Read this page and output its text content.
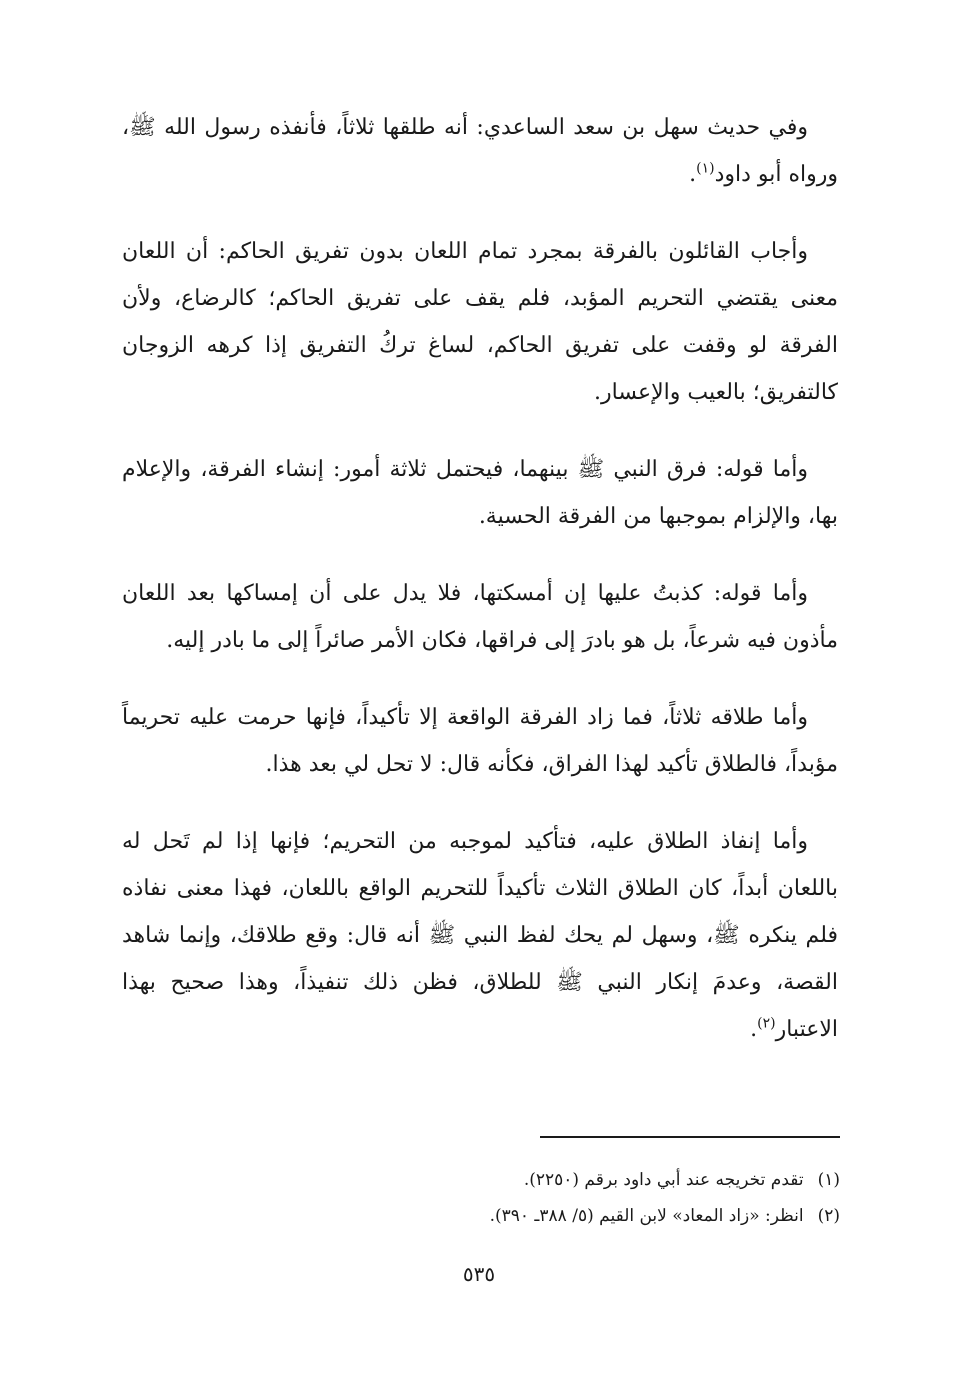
وفي حديث سهل بن سعد الساعدي: أنه طلقها ثلاثاً، فأنفذه رسول الله ﷺ، ورواه أبو داود$^{(١)}$.

وأجاب القائلون بالفرقة بمجرد تمام اللعان بدون تفريق الحاكم: أن اللعان معنى يقتضي التحريم المؤبد، فلم يقف على تفريق الحاكم؛ كالرضاع، ولأن الفرقة لو وقفت على تفريق الحاكم، لساغ تركُ التفريق إذا كرهه الزوجان كالتفريق؛ بالعيب والإعسار.

وأما قوله: فرق النبي ﷺ بينهما، فيحتمل ثلاثة أمور: إنشاء الفرقة، والإعلام بها، والإلزام بموجبها من الفرقة الحسية.

وأما قوله: كذبتُ عليها إن أمسكتها، فلا يدل على أن إمساكها بعد اللعان مأذون فيه شرعاً، بل هو بادرَ إلى فراقها، فكان الأمر صائراً إلى ما بادر إليه.

وأما طلاقه ثلاثاً، فما زاد الفرقة الواقعة إلا تأكيداً، فإنها حرمت عليه تحريماً مؤبداً، فالطلاق تأكيد لهذا الفراق، فكأنه قال: لا تحل لي بعد هذا.

وأما إنفاذ الطلاق عليه، فتأكيد لموجبه من التحريم؛ فإنها إذا لم تَحل له باللعان أبداً، كان الطلاق الثلاث تأكيداً للتحريم الواقع باللعان، فهذا معنى نفاذه فلم ينكره ﷺ، وسهل لم يحك لفظ النبي ﷺ أنه قال: وقع طلاقك، وإنما شاهد القصة، وعدمَ إنكار النبي ﷺ للطلاق، فظن ذلك تنفيذاً، وهذا صحيح بهذا الاعتبار$^{(٢)}$.

(١)تقدم تخريجه عند أبي داود برقم (٢٢٥٠).
(٢)انظر: «زاد المعاد» لابن القيم (٥/ ٣٨٨ـ ٣٩٠).
٥٣٥
